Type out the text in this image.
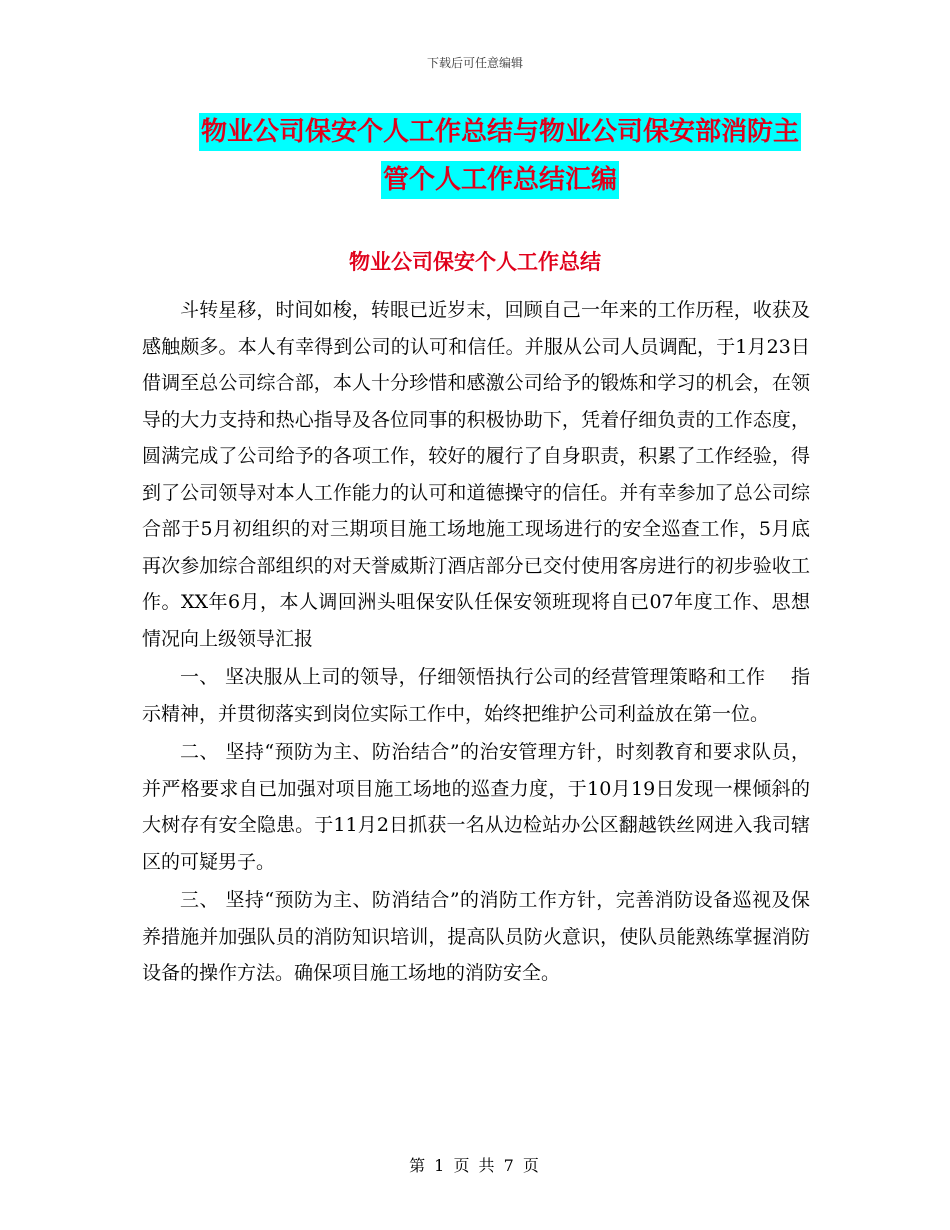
下载后可任意编辑
物业公司保安个人工作总结与物业公司保安部消防主
管个人工作总结汇编
物业公司保安个人工作总结

斗转星移，时间如梭，转眼已近岁末，回顾自己一年来的工作历程，收获及感触颇多。本人有幸得到公司的认可和信任。并服从公司人员调配，于1月23日借调至总公司综合部，本人十分珍惜和感激公司给予的锻炼和学习的机会，在领导的大力支持和热心指导及各位同事的积极协助下，凭着仔细负责的工作态度，圆满完成了公司给予的各项工作，较好的履行了自身职责，积累了工作经验，得到了公司领导对本人工作能力的认可和道德操守的信任。并有幸参加了总公司综合部于5月初组织的对三期项目施工场地施工现场进行的安全巡查工作，5月底再次参加综合部组织的对天誉威斯汀酒店部分已交付使用客房进行的初步验收工作。XX年6月，本人调回洲头咀保安队任保安领班现将自已07年度工作、思想情况向上级领导汇报

一、 坚决服从上司的领导，仔细领悟执行公司的经营管理策略和工作　 指示精神，并贯彻落实到岗位实际工作中，始终把维护公司利益放在第一位。

二、 坚持“预防为主、防治结合”的治安管理方针，时刻教育和要求队员，并严格要求自已加强对项目施工场地的巡查力度，于10月19日发现一棵倾斜的大树存有安全隐患。于11月2日抓获一名从边检站办公区翻越铁丝网进入我司辖区的可疑男子。

三、 坚持“预防为主、防消结合”的消防工作方针，完善消防设备巡视及保养措施并加强队员的消防知识培训，提高队员防火意识，使队员能熟练掌握消防设备的操作方法。确保项目施工场地的消防安全。

第 1 页 共 7 页
